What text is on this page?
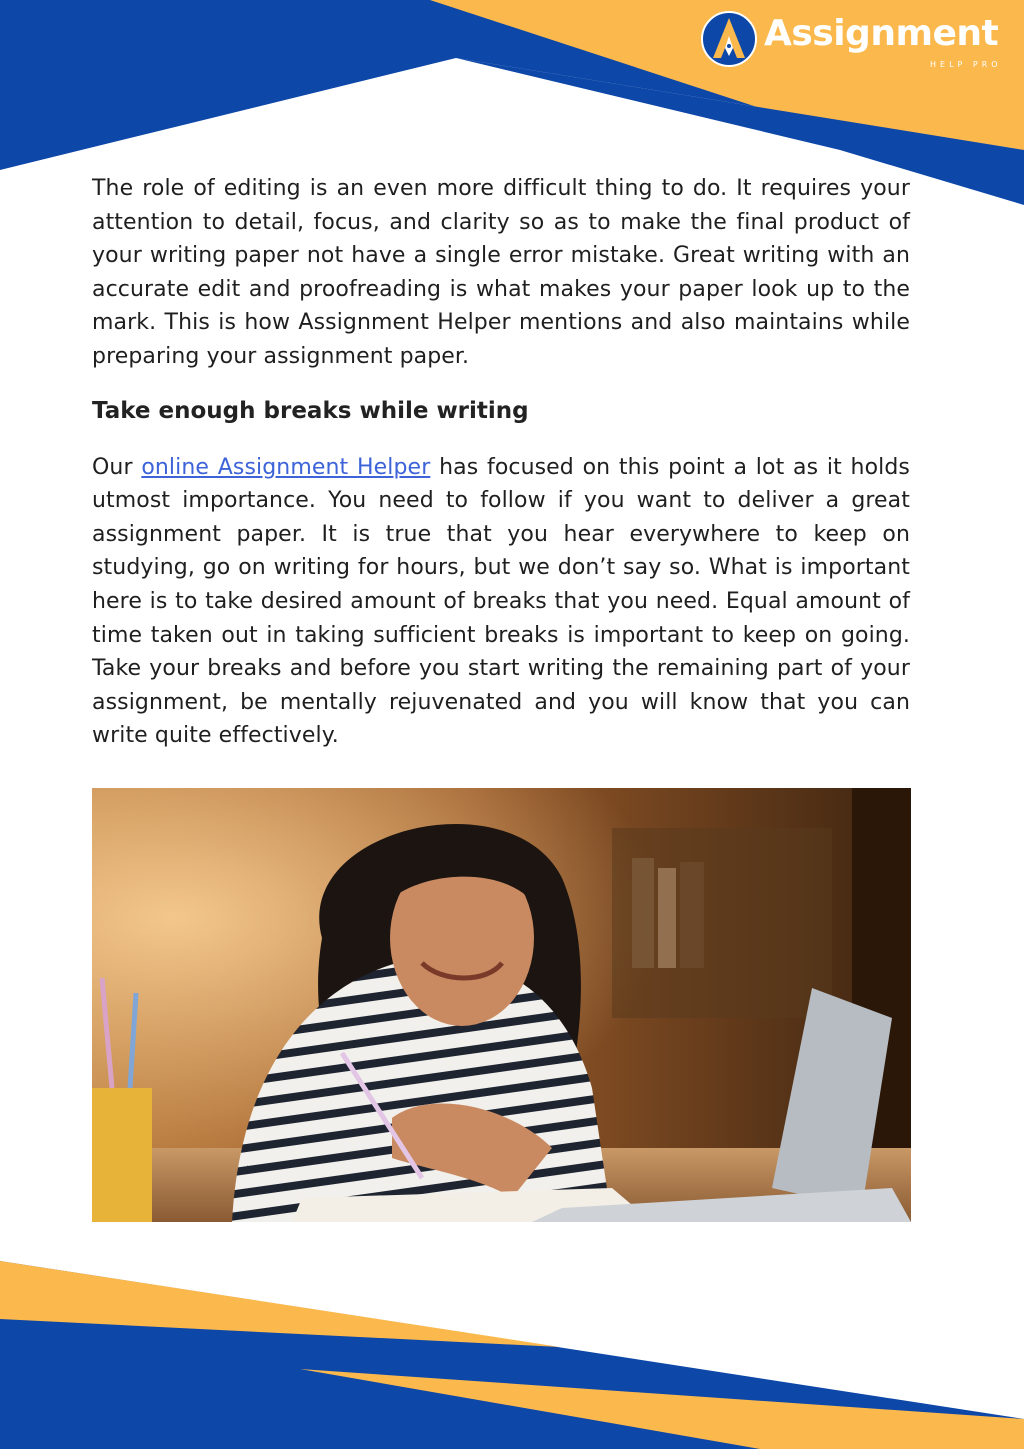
Assignment
HELP PRO

The role of editing is an even more difficult thing to do. It requires your attention to detail, focus, and clarity so as to make the final product of your writing paper not have a single error mistake. Great writing with an accurate edit and proofreading is what makes your paper look up to the mark. This is how Assignment Helper mentions and also maintains while preparing your assignment paper.

Take enough breaks while writing

Our online Assignment Helper has focused on this point a lot as it holds utmost importance. You need to follow if you want to deliver a great assignment paper. It is true that you hear everywhere to keep on studying, go on writing for hours, but we don’t say so. What is important here is to take desired amount of breaks that you need. Equal amount of time taken out in taking sufficient breaks is important to keep on going. Take your breaks and before you start writing the remaining part of your assignment, be mentally rejuvenated and you will know that you can write quite effectively.
